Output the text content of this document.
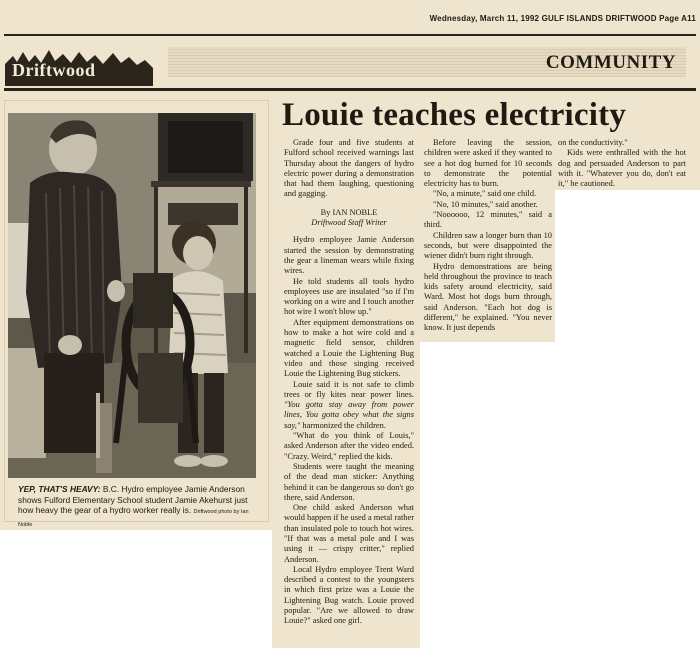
Wednesday, March 11, 1992 GULF ISLANDS DRIFTWOOD Page A11
Driftwood	COMMUNITY
YEP, THAT'S HEAVY: B.C. Hydro employee Jamie Anderson shows Fulford Elementary School student Jamie Akehurst just how heavy the gear of a hydro worker really is. Driftwood photo by Ian Noble
Louie teaches electricity

Grade four and five students at Fulford school received warnings last Thursday about the dangers of hydro electric power during a demonstration that had them laughing, questioning and gagging.

By IAN NOBLE
Driftwood Staff Writer

Hydro employee Jamie Anderson started the session by demonstrating the gear a lineman wears while fixing wires.

He told students all tools hydro employees use are insulated "so if I'm working on a wire and I touch another hot wire I won't blow up."

After equipment demonstrations on how to make a hot wire cold and a magnetic field sensor, children watched a Louie the Lightening Bug video and those singing received Louie the Lightening Bug stickers.

Louie said it is not safe to climb trees or fly kites near power lines. "You gotta stay away from power lines, You gotta obey what the signs say," harmonized the children.

"What do you think of Louis," asked Anderson after the video ended. "Crazy. Weird," replied the kids.

Students were taught the meaning of the dead man sticker: Anything behind it can be dangerous so don't go there, said Anderson.

One child asked Anderson what would happen if he used a metal rather than insulated pole to touch hot wires. "If that was a metal pole and I was using it — crispy critter," replied Anderson.

Local Hydro employee Trent Ward described a contest to the youngsters in which first prize was a Louie the Lightening Bug watch. Louie proved popular. "Are we allowed to draw Louie?" asked one girl.

Before leaving the session, children were asked if they wanted to see a hot dog burned for 10 seconds to demonstrate the potential electricity has to burn.

"No, a minute," said one child.

"No, 10 minutes," said another.

"Noooooo, 12 minutes," said a third.

Children saw a longer burn than 10 seconds, but were disappointed the wiener didn't burn right through.

Hydro demonstrations are being held throughout the province to teach kids safety around electricity, said Ward. Most hot dogs burn through, said Anderson. "Each hot dog is different," he explained. "You never know. It just depends

on the conductivity."

Kids were enthralled with the hot dog and persuaded Anderson to part with it. "Whatever you do, don't eat it," he cautioned.
